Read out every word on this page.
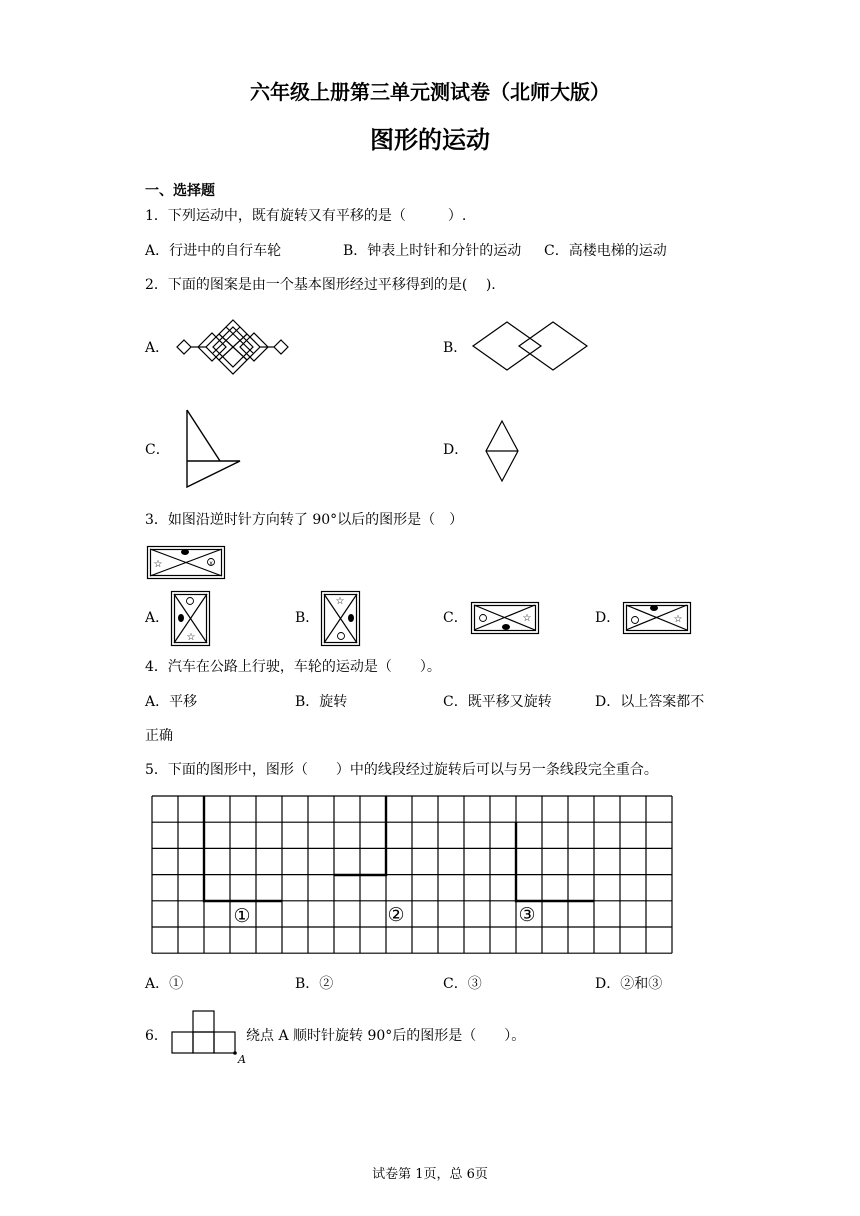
六年级上册第三单元测试卷（北师大版）
图形的运动
一、选择题
1．下列运动中，既有旋转又有平移的是（　　　）.
A．行进中的自行车轮	B．钟表上时针和分针的运动 C．高楼电梯的运动
2．下面的图案是由一个基本图形经过平移得到的是(　 ).
A．	B．
C．	D．
3．如图沿逆时针方向转了 90°以后的图形是（　）
☆	x
A．	B．	C．	D．
☆
☆
☆	☆
4．汽车在公路上行驶，车轮的运动是（　　）。
A．平移	B．旋转	C．既平移又旋转	D．以上答案都不
正确
5．下面的图形中，图形（　　）中的线段经过旋转后可以与另一条线段完全重合。
①	②	③
A．①	B．②	C．③	D．②和③
6．
A
绕点 A 顺时针旋转 90°后的图形是（　　）。
试卷第 1页，总 6页
